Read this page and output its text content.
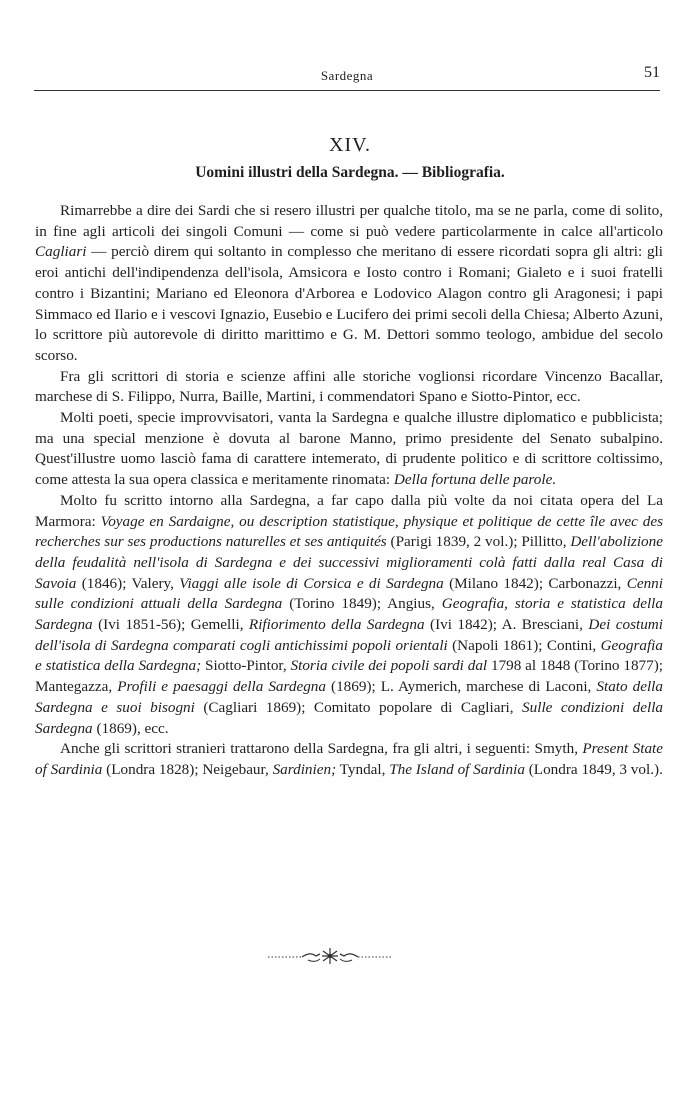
Sardegna	51
XIV.
Uomini illustri della Sardegna. — Bibliografia.

Rimarrebbe a dire dei Sardi che si resero illustri per qualche titolo, ma se ne parla, come di solito, in fine agli articoli dei singoli Comuni — come si può vedere particolarmente in calce all'articolo Cagliari — perciò direm qui soltanto in complesso che meritano di essere ricordati sopra gli altri: gli eroi antichi dell'indipendenza dell'isola, Amsicora e Iosto contro i Romani; Gialeto e i suoi fratelli contro i Bizantini; Mariano ed Eleonora d'Arborea e Lodovico Alagon contro gli Aragonesi; i papi Simmaco ed Ilario e i vescovi Ignazio, Eusebio e Lucifero dei primi secoli della Chiesa; Alberto Azuni, lo scrittore più autorevole di diritto marittimo e G. M. Dettori sommo teologo, ambidue del secolo scorso.

Fra gli scrittori di storia e scienze affini alle storiche voglionsi ricordare Vincenzo Bacallar, marchese di S. Filippo, Nurra, Baille, Martini, i commendatori Spano e Siotto-Pintor, ecc.

Molti poeti, specie improvvisatori, vanta la Sardegna e qualche illustre diplomatico e pubblicista; ma una special menzione è dovuta al barone Manno, primo presidente del Senato subalpino. Quest'illustre uomo lasciò fama di carattere intemerato, di prudente politico e di scrittore coltissimo, come attesta la sua opera classica e meritamente rinomata: Della fortuna delle parole.

Molto fu scritto intorno alla Sardegna, a far capo dalla più volte da noi citata opera del La Marmora: Voyage en Sardaigne, ou description statistique, physique et politique de cette île avec des recherches sur ses productions naturelles et ses antiquités (Parigi 1839, 2 vol.); Pillitto, Dell'abolizione della feudalità nell'isola di Sardegna e dei successivi miglioramenti colà fatti dalla real Casa di Savoia (1846); Valery, Viaggi alle isole di Corsica e di Sardegna (Milano 1842); Carbonazzi, Cenni sulle condizioni attuali della Sardegna (Torino 1849); Angius, Geografia, storia e statistica della Sardegna (Ivi 1851-56); Gemelli, Rifiorimento della Sardegna (Ivi 1842); A. Bresciani, Dei costumi dell'isola di Sardegna comparati cogli antichissimi popoli orientali (Napoli 1861); Contini, Geografia e statistica della Sardegna; Siotto-Pintor, Storia civile dei popoli sardi dal 1798 al 1848 (Torino 1877); Mantegazza, Profili e paesaggi della Sardegna (1869); L. Aymerich, marchese di Laconi, Stato della Sardegna e suoi bisogni (Cagliari 1869); Comitato popolare di Cagliari, Sulle condizioni della Sardegna (1869), ecc.

Anche gli scrittori stranieri trattarono della Sardegna, fra gli altri, i seguenti: Smyth, Present State of Sardinia (Londra 1828); Neigebaur, Sardinien; Tyndal, The Island of Sardinia (Londra 1849, 3 vol.).
